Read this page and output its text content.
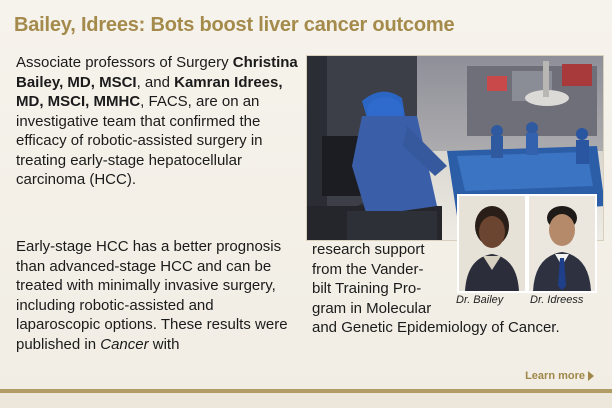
Bailey, Idrees: Bots boost liver cancer outcome
Associate professors of Surgery Christina Bailey, MD, MSCI, and Kamran Idrees, MD, MSCI, MMHC, FACS, are on an investigative team that confirmed the efficacy of robotic-assisted surgery in treating early-stage hepatocellular carcinoma (HCC).
Early-stage HCC has a better prognosis than advanced-stage HCC and can be treated with minimally invasive surgery, including robotic-assisted and laparoscopic options. These results were published in Cancer with
research support
from the Vander-
bilt Training Pro-
gram in Molecular
and Genetic Epidemiology of Cancer.
Dr. Bailey Dr. Idreess
Learn more
